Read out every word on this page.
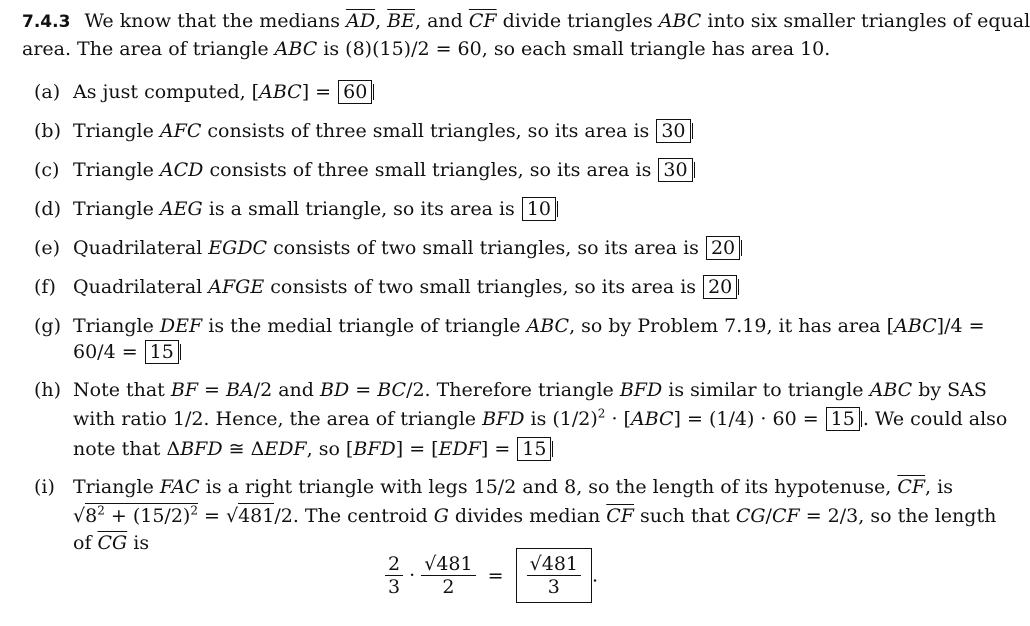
7.4.3 We know that the medians $\overline{AD}$, $\overline{BE}$, and $\overline{CF}$ divide triangles ABC into six smaller triangles of equal
area. The area of triangle ABC is (8)(15)/2 = 60, so each small triangle has area 10.
(a) As just computed, [ABC] = 60
(b) Triangle AFC consists of three small triangles, so its area is 30
(c) Triangle ACD consists of three small triangles, so its area is 30
(d) Triangle AEG is a small triangle, so its area is 10
(e) Quadrilateral EGDC consists of two small triangles, so its area is 20
(f) Quadrilateral AFGE consists of two small triangles, so its area is 20
(g) Triangle DEF is the medial triangle of triangle ABC, so by Problem 7.19, it has area [ABC]/4 =
60/4 = 15
(h) Note that BF = BA/2 and BD = BC/2. Therefore triangle BFD is similar to triangle ABC by SAS
with ratio 1/2. Hence, the area of triangle BFD is $(1/2)^2 \cdot [ABC] = (1/4) \cdot 60 = 15$ . We could also
note that ΔBFD ≅ ΔEDF, so [BFD] = [EDF] = 15
(i) Triangle FAC is a right triangle with legs 15/2 and 8, so the length of its hypotenuse, $\overline{CF}$, is
$√8^2 + (15/2)^2 = √481/2$. The centroid G divides median $\overline{CF}$ such that CG/CF = 2/3, so the length
of $\overline{CG}$ is
$\frac{2}{3} \cdot \frac{√481}{2} = \frac{√481}{3}$ .
